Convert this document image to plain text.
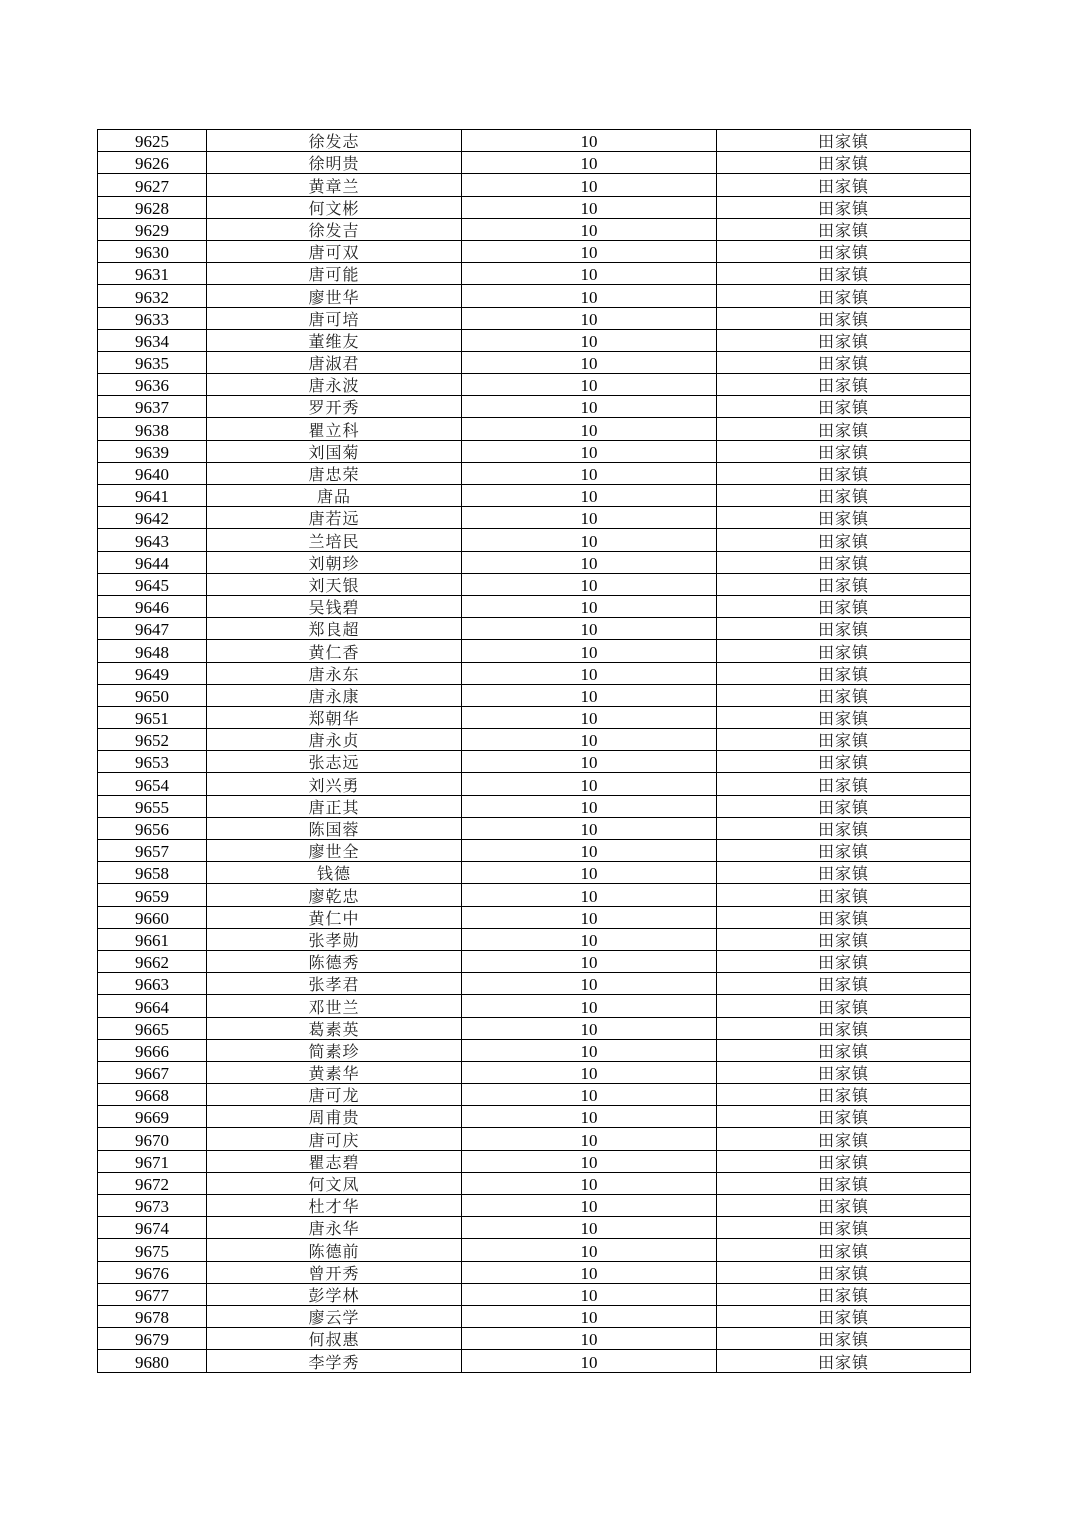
9625	徐发志	10	田家镇
9626	徐明贵	10	田家镇
9627	黄章兰	10	田家镇
9628	何文彬	10	田家镇
9629	徐发吉	10	田家镇
9630	唐可双	10	田家镇
9631	唐可能	10	田家镇
9632	廖世华	10	田家镇
9633	唐可培	10	田家镇
9634	董维友	10	田家镇
9635	唐淑君	10	田家镇
9636	唐永波	10	田家镇
9637	罗开秀	10	田家镇
9638	瞿立科	10	田家镇
9639	刘国菊	10	田家镇
9640	唐忠荣	10	田家镇
9641	唐品	10	田家镇
9642	唐若远	10	田家镇
9643	兰培民	10	田家镇
9644	刘朝珍	10	田家镇
9645	刘天银	10	田家镇
9646	吴钱碧	10	田家镇
9647	郑良超	10	田家镇
9648	黄仁香	10	田家镇
9649	唐永东	10	田家镇
9650	唐永康	10	田家镇
9651	郑朝华	10	田家镇
9652	唐永贞	10	田家镇
9653	张志远	10	田家镇
9654	刘兴勇	10	田家镇
9655	唐正其	10	田家镇
9656	陈国蓉	10	田家镇
9657	廖世全	10	田家镇
9658	钱德	10	田家镇
9659	廖乾忠	10	田家镇
9660	黄仁中	10	田家镇
9661	张孝勋	10	田家镇
9662	陈德秀	10	田家镇
9663	张孝君	10	田家镇
9664	邓世兰	10	田家镇
9665	葛素英	10	田家镇
9666	简素珍	10	田家镇
9667	黄素华	10	田家镇
9668	唐可龙	10	田家镇
9669	周甫贵	10	田家镇
9670	唐可庆	10	田家镇
9671	瞿志碧	10	田家镇
9672	何文凤	10	田家镇
9673	杜才华	10	田家镇
9674	唐永华	10	田家镇
9675	陈德前	10	田家镇
9676	曾开秀	10	田家镇
9677	彭学林	10	田家镇
9678	廖云学	10	田家镇
9679	何叔惠	10	田家镇
9680	李学秀	10	田家镇
